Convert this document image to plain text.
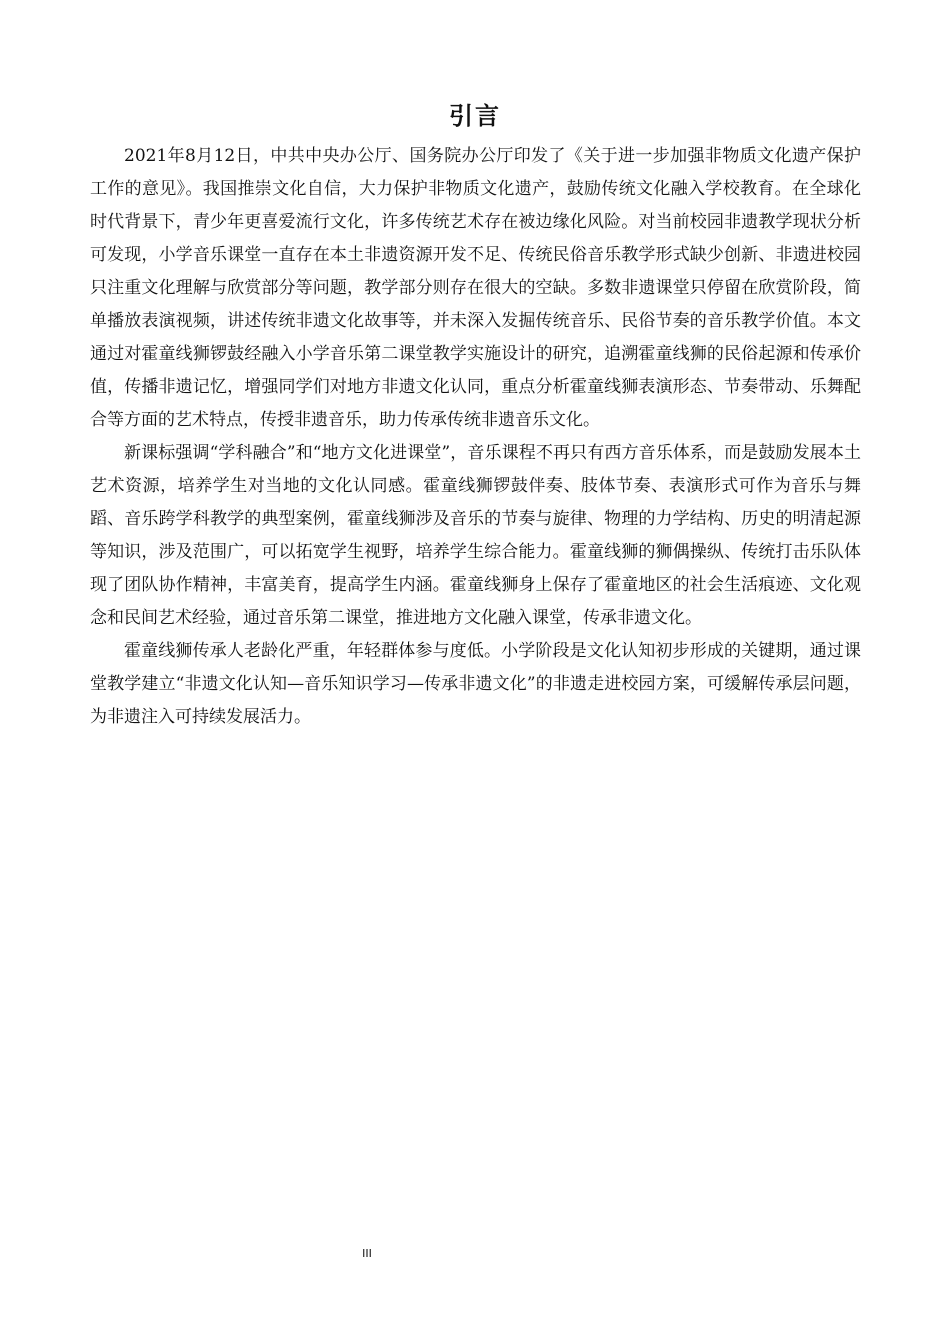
引言

2021年8月12日，中共中央办公厅、国务院办公厅印发了《关于进一步加强非物质文化遗产保护工作的意见》。我国推崇文化自信，大力保护非物质文化遗产，鼓励传统文化融入学校教育。在全球化时代背景下，青少年更喜爱流行文化，许多传统艺术存在被边缘化风险。对当前校园非遗教学现状分析可发现，小学音乐课堂一直存在本土非遗资源开发不足、传统民俗音乐教学形式缺少创新、非遗进校园只注重文化理解与欣赏部分等问题，教学部分则存在很大的空缺。多数非遗课堂只停留在欣赏阶段，简单播放表演视频，讲述传统非遗文化故事等，并未深入发掘传统音乐、民俗节奏的音乐教学价值。本文通过对霍童线狮锣鼓经融入小学音乐第二课堂教学实施设计的研究，追溯霍童线狮的民俗起源和传承价值，传播非遗记忆，增强同学们对地方非遗文化认同，重点分析霍童线狮表演形态、节奏带动、乐舞配合等方面的艺术特点，传授非遗音乐，助力传承传统非遗音乐文化。

新课标强调“学科融合”和“地方文化进课堂”，音乐课程不再只有西方音乐体系，而是鼓励发展本土艺术资源，培养学生对当地的文化认同感。霍童线狮锣鼓伴奏、肢体节奏、表演形式可作为音乐与舞蹈、音乐跨学科教学的典型案例，霍童线狮涉及音乐的节奏与旋律、物理的力学结构、历史的明清起源等知识，涉及范围广，可以拓宽学生视野，培养学生综合能力。霍童线狮的狮偶操纵、传统打击乐队体现了团队协作精神，丰富美育，提高学生内涵。霍童线狮身上保存了霍童地区的社会生活痕迹、文化观念和民间艺术经验，通过音乐第二课堂，推进地方文化融入课堂，传承非遗文化。

霍童线狮传承人老龄化严重，年轻群体参与度低。小学阶段是文化认知初步形成的关键期，通过课堂教学建立“非遗文化认知—音乐知识学习—传承非遗文化”的非遗走进校园方案，可缓解传承层问题，为非遗注入可持续发展活力。

III
